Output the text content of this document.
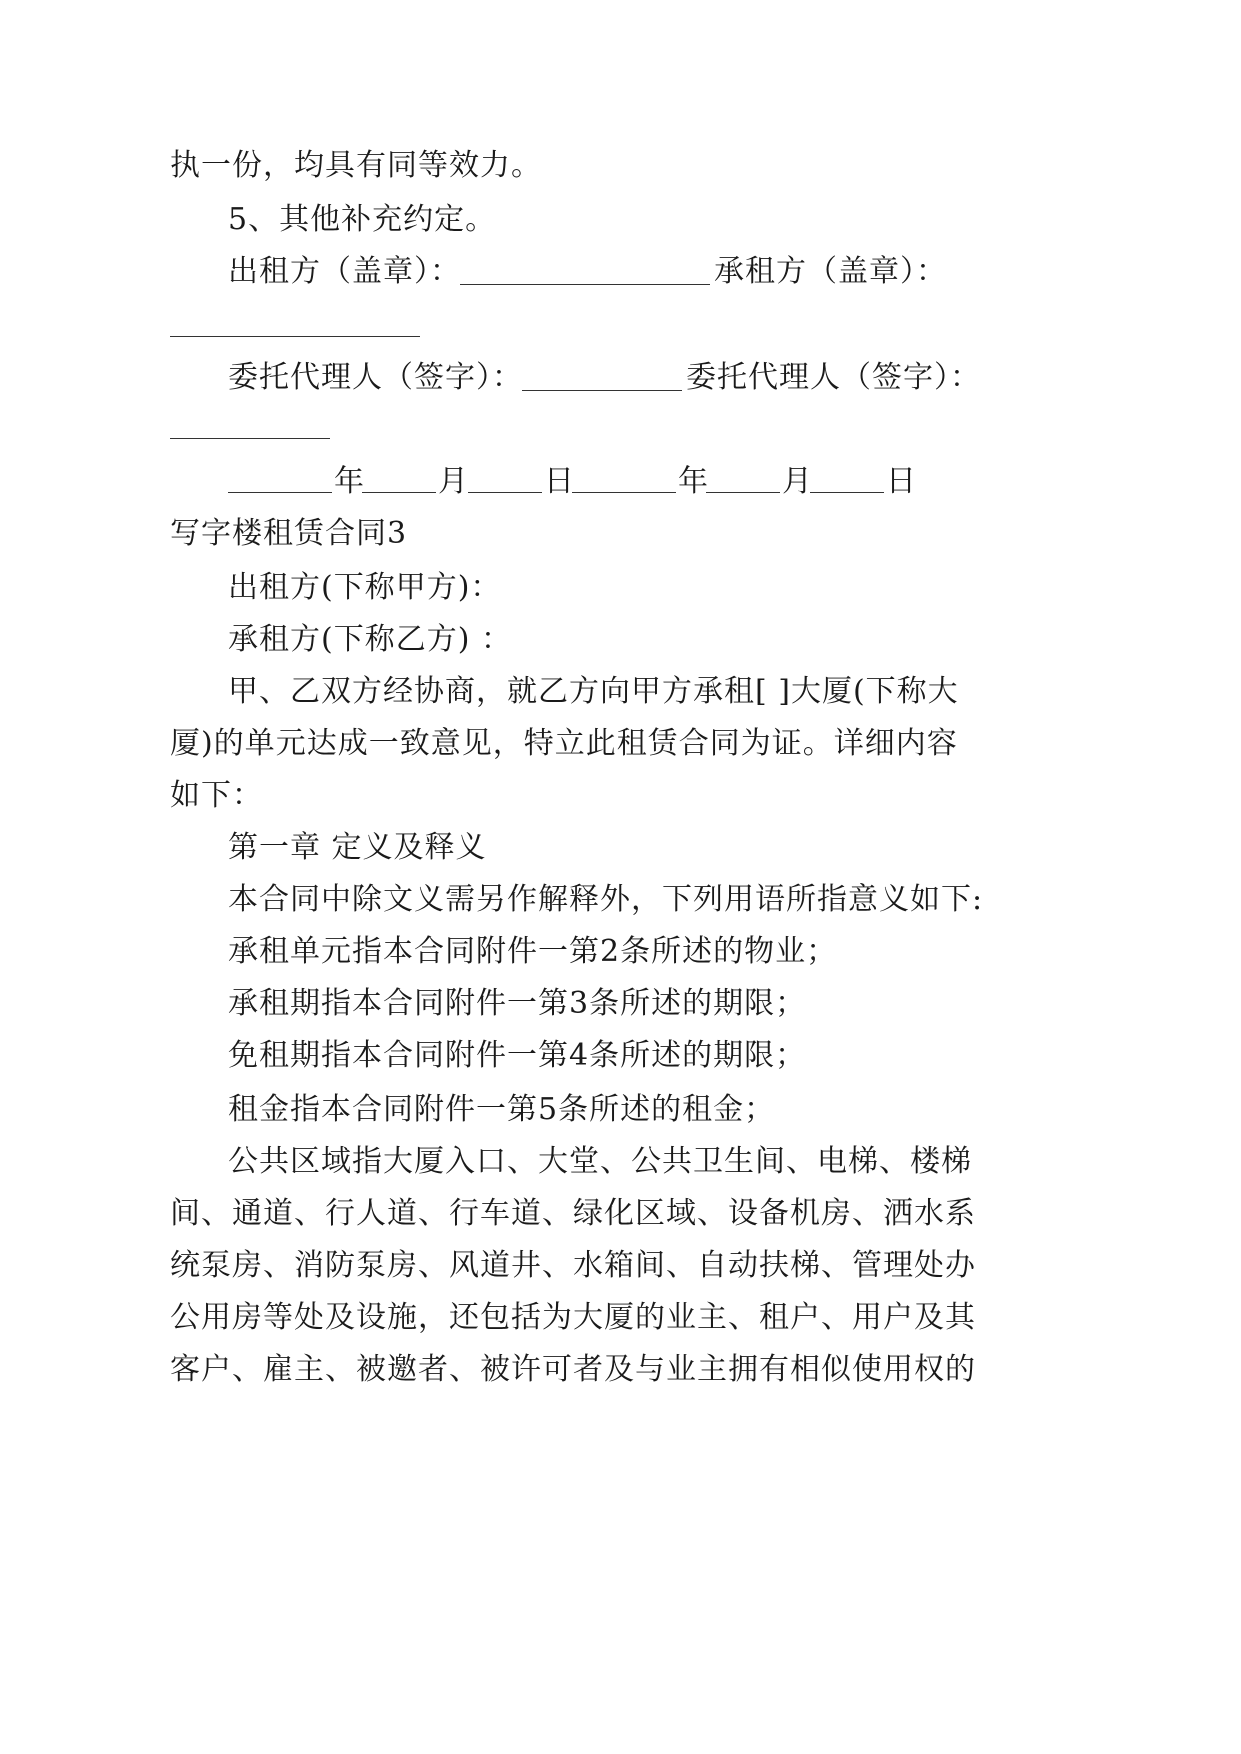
执一份，均具有同等效力。
5、其他补充约定。
出租方（盖章）：	承租方（盖章）：
委托代理人（签字）：	委托代理人（签字）：
年 月	日	年 月 日
写字楼租赁合同3
出租方(下称甲方)：
承租方(下称乙方) ：
甲、乙双方经协商，就乙方向甲方承租[ ]大厦(下称大
厦)的单元达成一致意见，特立此租赁合同为证。详细内容
如下：
第一章 定义及释义
本合同中除文义需另作解释外，下列用语所指意义如下:
承租单元指本合同附件一第2条所述的物业；
承租期指本合同附件一第3条所述的期限；
免租期指本合同附件一第4条所述的期限；
租金指本合同附件一第5条所述的租金；
公共区域指大厦入口、大堂、公共卫生间、电梯、楼梯
间、通道、行人道、行车道、绿化区域、设备机房、洒水系
统泵房、消防泵房、风道井、水箱间、自动扶梯、管理处办
公用房等处及设施，还包括为大厦的业主、租户、用户及其
客户、雇主、被邀者、被许可者及与业主拥有相似使用权的
